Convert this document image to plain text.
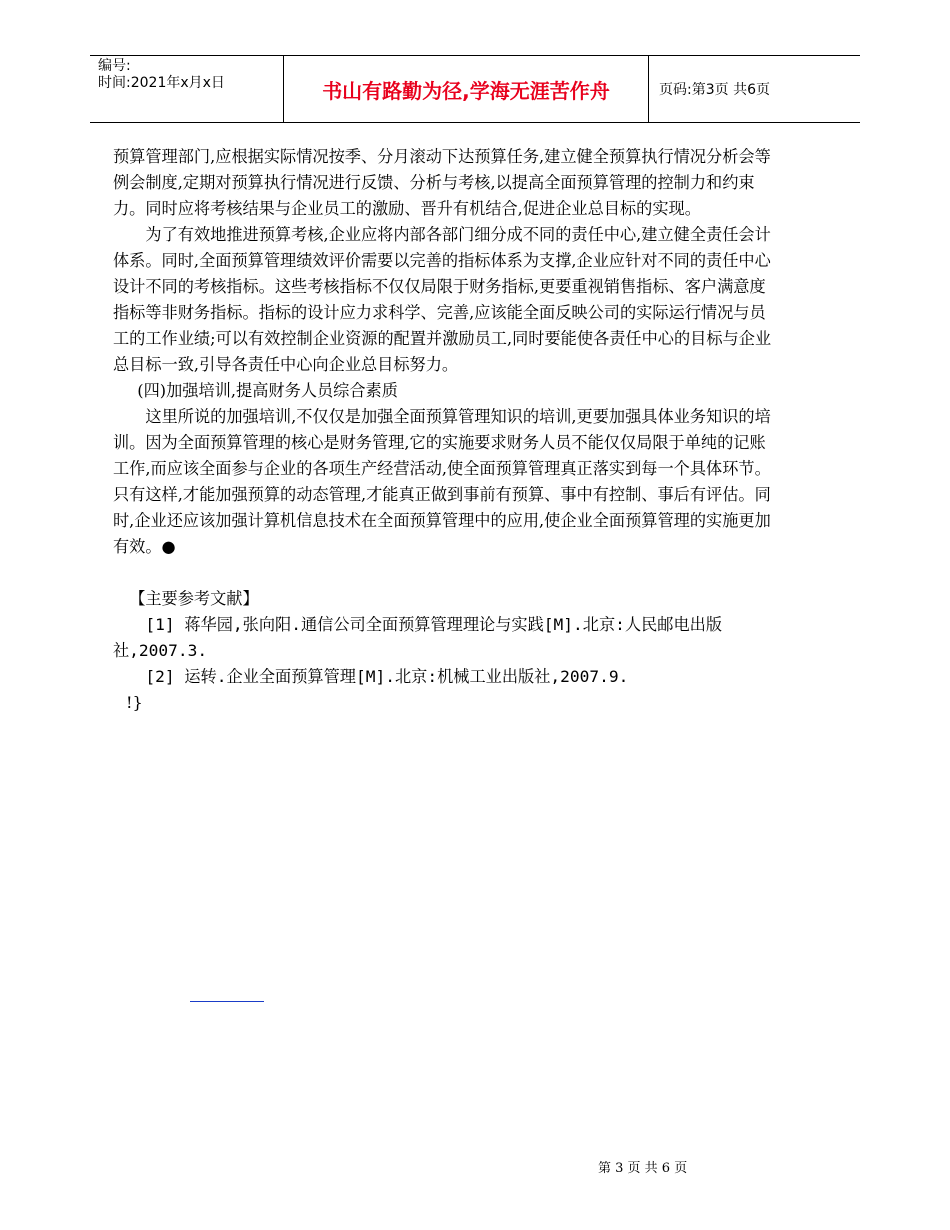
编号:
时间:2021年x月x日	书山有路勤为径,学海无涯苦作舟	页码:第3页 共6页

预算管理部门,应根据实际情况按季、分月滚动下达预算任务,建立健全预算执行情况分析会等例会制度,定期对预算执行情况进行反馈、分析与考核,以提高全面预算管理的控制力和约束力。同时应将考核结果与企业员工的激励、晋升有机结合,促进企业总目标的实现。

为了有效地推进预算考核,企业应将内部各部门细分成不同的责任中心,建立健全责任会计体系。同时,全面预算管理绩效评价需要以完善的指标体系为支撑,企业应针对不同的责任中心设计不同的考核指标。这些考核指标不仅仅局限于财务指标,更要重视销售指标、客户满意度指标等非财务指标。指标的设计应力求科学、完善,应该能全面反映公司的实际运行情况与员工的工作业绩;可以有效控制企业资源的配置并激励员工,同时要能使各责任中心的目标与企业总目标一致,引导各责任中心向企业总目标努力。

(四)加强培训,提高财务人员综合素质

这里所说的加强培训,不仅仅是加强全面预算管理知识的培训,更要加强具体业务知识的培训。因为全面预算管理的核心是财务管理,它的实施要求财务人员不能仅仅局限于单纯的记账工作,而应该全面参与企业的各项生产经营活动,使全面预算管理真正落实到每一个具体环节。只有这样,才能加强预算的动态管理,才能真正做到事前有预算、事中有控制、事后有评估。同时,企业还应该加强计算机信息技术在全面预算管理中的应用,使企业全面预算管理的实施更加有效。●

【主要参考文献】

[1] 蒋华园,张向阳.通信公司全面预算管理理论与实践[M].北京:人民邮电出版社,2007.3.

[2] 运转.企业全面预算管理[M].北京:机械工业出版社,2007.9.

!}

第 3 页 共 6 页
